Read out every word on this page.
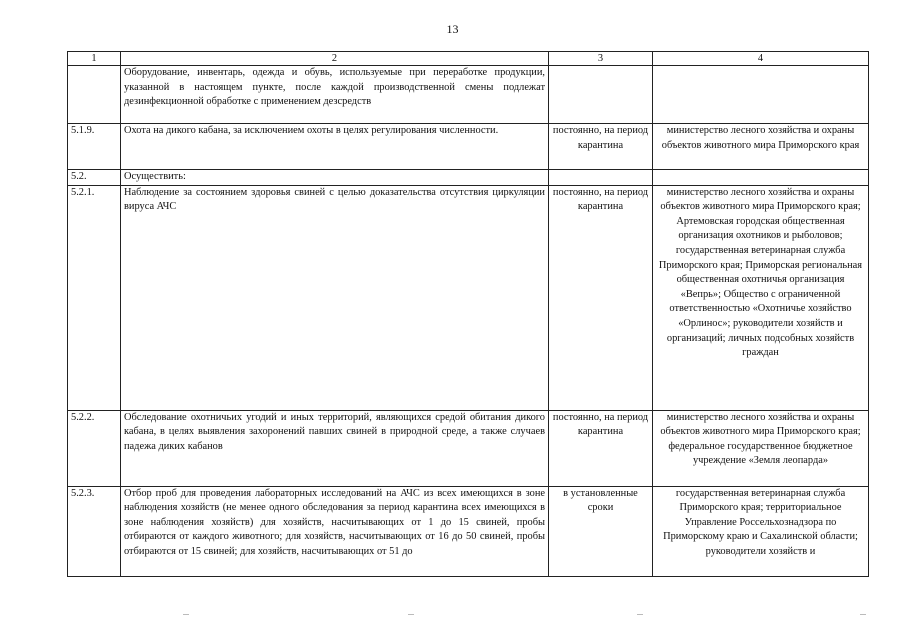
13
1	2	3	4
	Оборудование, инвентарь, одежда и обувь, используемые при переработке продукции, указанной в настоящем пункте, после каждой производственной смены подлежат дезинфекционной обработке с применением дезсредств		
5.1.9.	Охота на дикого кабана, за исключением охоты в целях регулирования численности.	постоянно, на период карантина	министерство лесного хозяйства и охраны объектов животного мира Приморского края
5.2.	Осуществить:		
5.2.1.	Наблюдение за состоянием здоровья свиней с целью доказательства отсутствия циркуляции вируса АЧС	постоянно, на период карантина	министерство лесного хозяйства и охраны объектов животного мира Приморского края; Артемовская городская общественная организация охотников и рыболовов; государственная ветеринарная служба Приморского края; Приморская региональная общественная охотничья организация «Вепрь»; Общество с ограниченной ответственностью «Охотничье хозяйство «Орлинос»; руководители хозяйств и организаций; личных подсобных хозяйств граждан
5.2.2.	Обследование охотничьих угодий и иных территорий, являющихся средой обитания дикого кабана, в целях выявления захоронений павших свиней в природной среде, а также случаев падежа диких кабанов	постоянно, на период карантина	министерство лесного хозяйства и охраны объектов животного мира Приморского края; федеральное государственное бюджетное учреждение «Земля леопарда»
5.2.3.	Отбор проб для проведения лабораторных исследований на АЧС из всех имеющихся в зоне наблюдения хозяйств (не менее одного обследования за период карантина всех имеющихся в зоне наблюдения хозяйств) для хозяйств, насчитывающих от 1 до 15 свиней, пробы отбираются от каждого животного; для хозяйств, насчитывающих от 16 до 50 свиней, пробы отбираются от 15 свиней; для хозяйств, насчитывающих от 51 до	в установленные сроки	государственная ветеринарная служба Приморского края; территориальное Управление Россельхознадзора по Приморскому краю и Сахалинской области; руководители хозяйств и
